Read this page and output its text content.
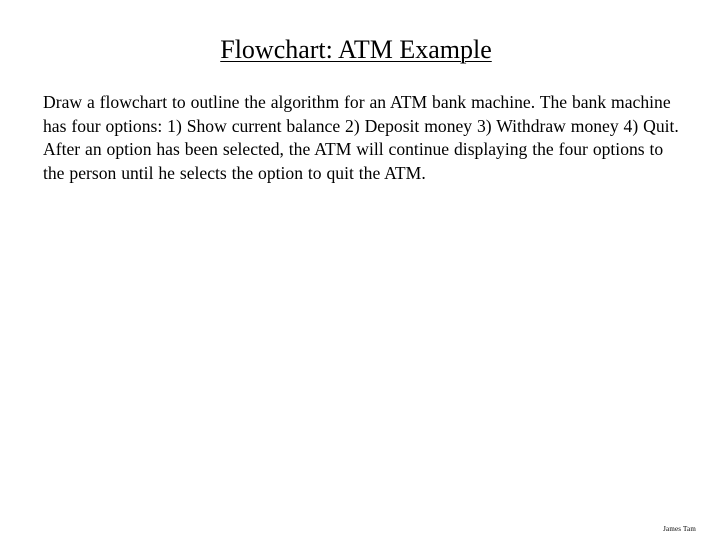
Flowchart: ATM Example

Draw a flowchart to outline the algorithm for an ATM bank machine. The bank machine has four options: 1) Show current balance 2) Deposit money 3) Withdraw money 4) Quit. After an option has been selected, the ATM will continue displaying the four options to the person until he selects the option to quit the ATM.

James Tam
